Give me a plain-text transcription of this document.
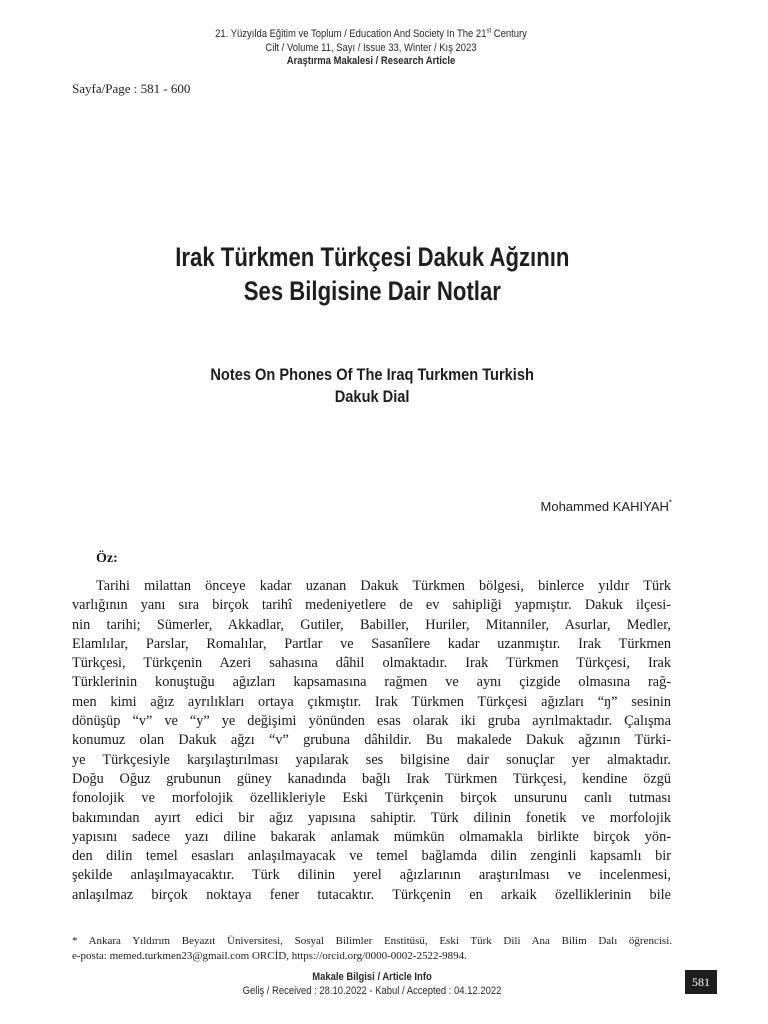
21. Yüzyılda Eğitim ve Toplum / Education And Society In The 21st Century
Cilt / Volume 11, Sayı / Issue 33, Winter / Kış 2023
Araştırma Makalesi / Research Article
Sayfa/Page : 581 - 600
Irak Türkmen Türkçesi Dakuk Ağzının
Ses Bilgisine Dair Notlar
Notes On Phones Of The Iraq Turkmen Turkish
Dakuk Dial
Mohammed KAHIYAH*
Öz:
Tarihi milattan önceye kadar uzanan Dakuk Türkmen bölgesi, binlerce yıldır Türk
varlığının yanı sıra birçok tarihî medeniyetlere de ev sahipliği yapmıştır. Dakuk ilçesi-
nin tarihi; Sümerler, Akkadlar, Gutiler, Babiller, Huriler, Mitanniler, Asurlar, Medler,
Elamlılar, Parslar, Romalılar, Partlar ve Sasanîlere kadar uzanmıştır. Irak Türkmen
Türkçesi, Türkçenin Azeri sahasına dâhil olmaktadır. Irak Türkmen Türkçesi, Irak
Türklerinin konuştuğu ağızları kapsamasına rağmen ve aynı çizgide olmasına rağ-
men kimi ağız ayrılıkları ortaya çıkmıştır. Irak Türkmen Türkçesi ağızları “ŋ” sesinin
dönüşüp “v” ve “y” ye değişimi yönünden esas olarak iki gruba ayrılmaktadır. Çalışma
konumuz olan Dakuk ağzı “v” grubuna dâhildir. Bu makalede Dakuk ağzının Türki-
ye Türkçesiyle karşılaştırılması yapılarak ses bilgisine dair sonuçlar yer almaktadır.
Doğu Oğuz grubunun güney kanadında bağlı Irak Türkmen Türkçesi, kendine özgü
fonolojik ve morfolojik özellikleriyle Eski Türkçenin birçok unsurunu canlı tutması
bakımından ayırt edici bir ağız yapısına sahiptir. Türk dilinin fonetik ve morfolojik
yapısını sadece yazı diline bakarak anlamak mümkün olmamakla birlikte birçok yön-
den dilin temel esasları anlaşılmayacak ve temel bağlamda dilin zenginli kapsamlı bir
şekilde anlaşılmayacaktır. Türk dilinin yerel ağızlarının araştırılması ve incelenmesi,
anlaşılmaz birçok noktaya fener tutacaktır. Türkçenin en arkaik özelliklerinin bile
* Ankara Yıldırım Beyazıt Üniversitesi, Sosyal Bilimler Enstitüsü, Eski Türk Dili Ana Bilim Dalı öğrencisi.
e-posta: memed.turkmen23@gmail.com ORCİD, https://orcid.org/0000-0002-2522-9894.
Makale Bilgisi / Article Info
Geliş / Received : 28.10.2022 - Kabul / Accepted : 04.12.2022
581
